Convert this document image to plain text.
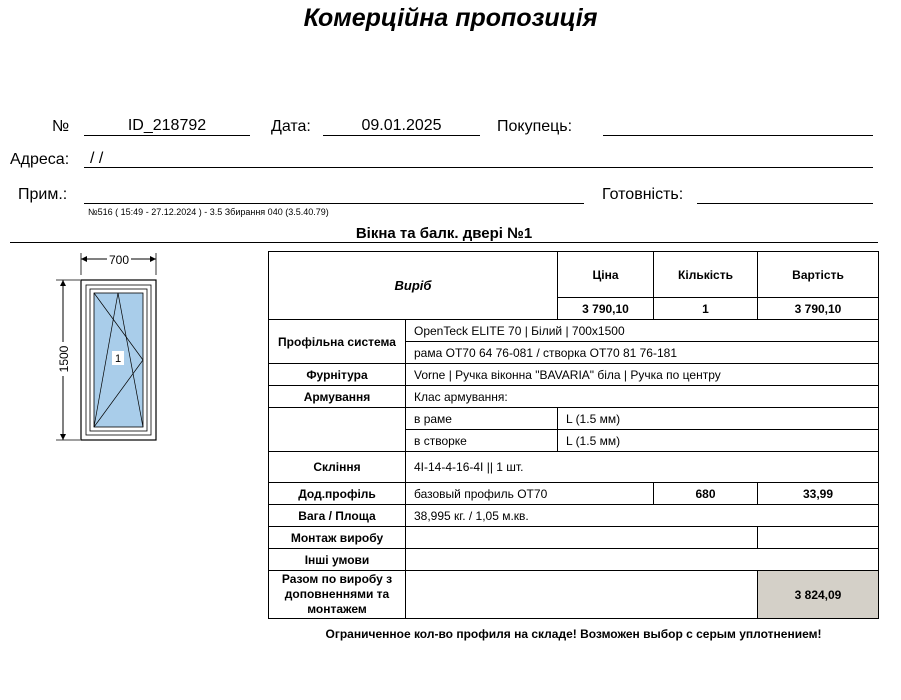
Комерційна пропозиція
№	ID_218792	Дата:	09.01.2025	Покупець:
Адреса:	/ /
Прим.:	Готовність:
№516 ( 15:49 - 27.12.2024 ) - 3.5 Збирання 040 (3.5.40.79)
Вікна та балк. двері №1
700
1500	1
Виріб		Ціна	Кількість	Вартість
		3 790,10	1	3 790,10
Профільна система	OpenTeck ELITE 70 | Білий | 700x1500			
	рама OT70 64 76-081 / створка OT70 81 76-181			
Фурнітура	Vorne | Ручка віконна "BAVARIA" біла | Ручка по центру			
Армування	Клас армування:			
	в раме	L (1.5 мм)		
	в створке	L (1.5 мм)		
Скління	4I-14-4-16-4I || 1 шт.			
Дод.профіль	базовый профиль OT70		680	33,99
Вага / Площа	38,995 кг. / 1,05 м.кв.			
Монтаж виробу				
Інші умови				
Разом по виробу з доповненнями та монтажем				3 824,09
Ограниченное кол-во профиля на складе! Возможен выбор с серым уплотнением!
